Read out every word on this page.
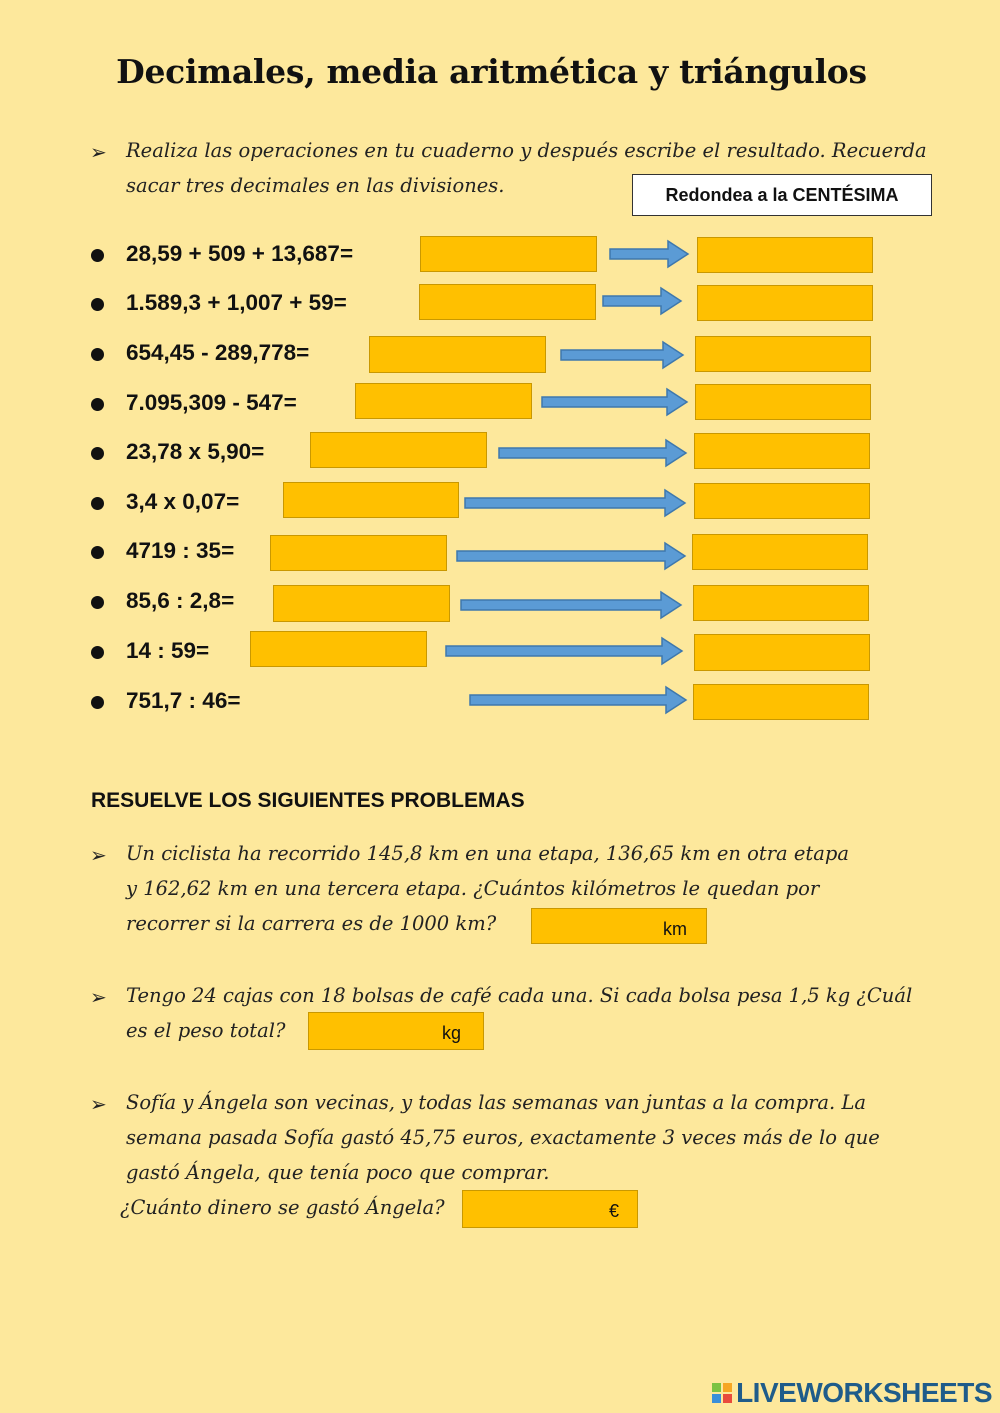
Decimales, media aritmética y triángulos
➢ Realiza las operaciones en tu cuaderno y después escribe el resultado. Recuerda
sacar tres decimales en las divisiones.	Redondea a la CENTÉSIMA
28,59 + 509 + 13,687=
1.589,3 + 1,007 + 59=
654,45 - 289,778=
7.095,309 - 547=
23,78 x 5,90=
3,4 x 0,07=
4719 : 35=
85,6 : 2,8=
14 : 59=
751,7 : 46=
RESUELVE LOS SIGUIENTES PROBLEMAS
➢ Un ciclista ha recorrido 145,8 km en una etapa, 136,65 km en otra etapa
y 162,62 km en una tercera etapa. ¿Cuántos kilómetros le quedan por
recorrer si la carrera es de 1000 km?	km
➢ Tengo 24 cajas con 18 bolsas de café cada una. Si cada bolsa pesa 1,5 kg ¿Cuál
es el peso total?	kg
➢ Sofía y Ángela son vecinas, y todas las semanas van juntas a la compra. La
semana pasada Sofía gastó 45,75 euros, exactamente 3 veces más de lo que
gastó Ángela, que tenía poco que comprar.
¿Cuánto dinero se gastó Ángela?	€
LIVEWORKSHEETS
